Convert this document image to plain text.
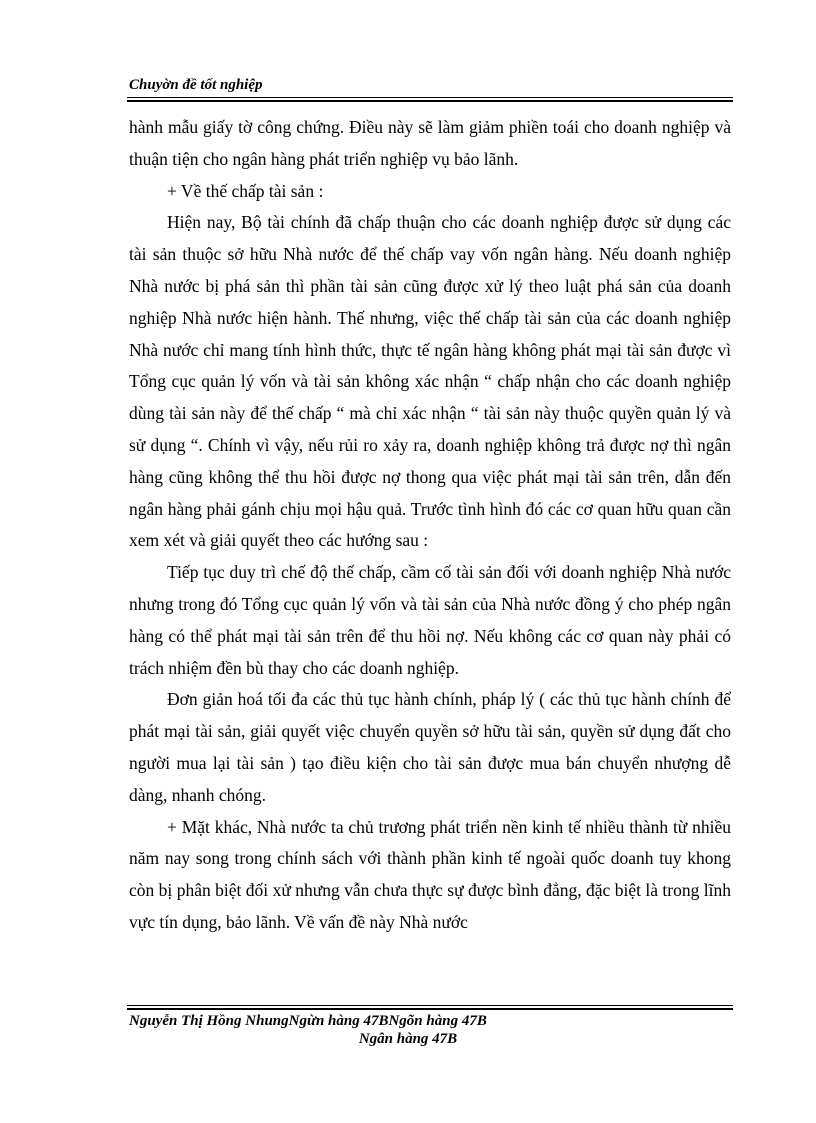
Chuyờn đề tốt nghiệp

hành mẫu giấy tờ công chứng. Điều này sẽ làm giảm phiền toái cho doanh nghiệp và thuận tiện cho ngân hàng phát triển nghiệp vụ bảo lãnh.

+ Về thế chấp tài sản :

Hiện nay, Bộ tài chính đã chấp thuận cho các doanh nghiệp được sử dụng các tài sản thuộc sở hữu Nhà nước để thế chấp vay vốn ngân hàng. Nếu doanh nghiệp Nhà nước bị phá sản thì phần tài sản cũng được xử lý theo luật phá sản của doanh nghiệp Nhà nước hiện hành. Thế nhưng, việc thế chấp tài sản của các doanh nghiệp Nhà nước chỉ mang tính hình thức, thực tế ngân hàng không phát mại tài sản được vì Tổng cục quản lý vốn và tài sản không xác nhận “ chấp nhận cho các doanh nghiệp dùng tài sản này để thế chấp “ mà chỉ xác nhận “ tài sản này thuộc quyền quản lý và sử dụng “. Chính vì vậy, nếu rủi ro xảy ra, doanh nghiệp không trả được nợ thì ngân hàng cũng không thể thu hồi được nợ thong qua việc phát mại tài sản trên, dẫn đến ngân hàng phải gánh chịu mọi hậu quả. Trước tình hình đó các cơ quan hữu quan cần xem xét và giải quyết theo các hướng sau :

Tiếp tục duy trì chế độ thế chấp, cầm cố tài sản đối với doanh nghiệp Nhà nước nhưng trong đó Tổng cục quản lý vốn và tài sản của Nhà nước đồng ý cho phép ngân hàng có thể phát mại tài sản trên để thu hồi nợ. Nếu không các cơ quan này phải có trách nhiệm đền bù thay cho các doanh nghiệp.

Đơn giản hoá tối đa các thủ tục hành chính, pháp lý ( các thủ tục hành chính để phát mại tài sản, giải quyết việc chuyển quyền sở hữu tài sản, quyền sử dụng đất cho người mua lại tài sản ) tạo điều kiện cho tài sản được mua bán chuyển nhượng dễ dàng, nhanh chóng.

+ Mặt khác, Nhà nước ta chủ trương phát triển nền kinh tế nhiều thành từ nhiều năm nay song trong chính sách với thành phần kinh tế ngoài quốc doanh tuy khong còn bị phân biệt đối xử nhưng vẫn chưa thực sự được bình đẳng, đặc biệt là trong lĩnh vực tín dụng, bảo lãnh. Về vấn đề này Nhà nước

Nguyễn Thị Hồng NhungNgừn hàng 47BNgõn hàng 47B
Ngân hàng 47B
